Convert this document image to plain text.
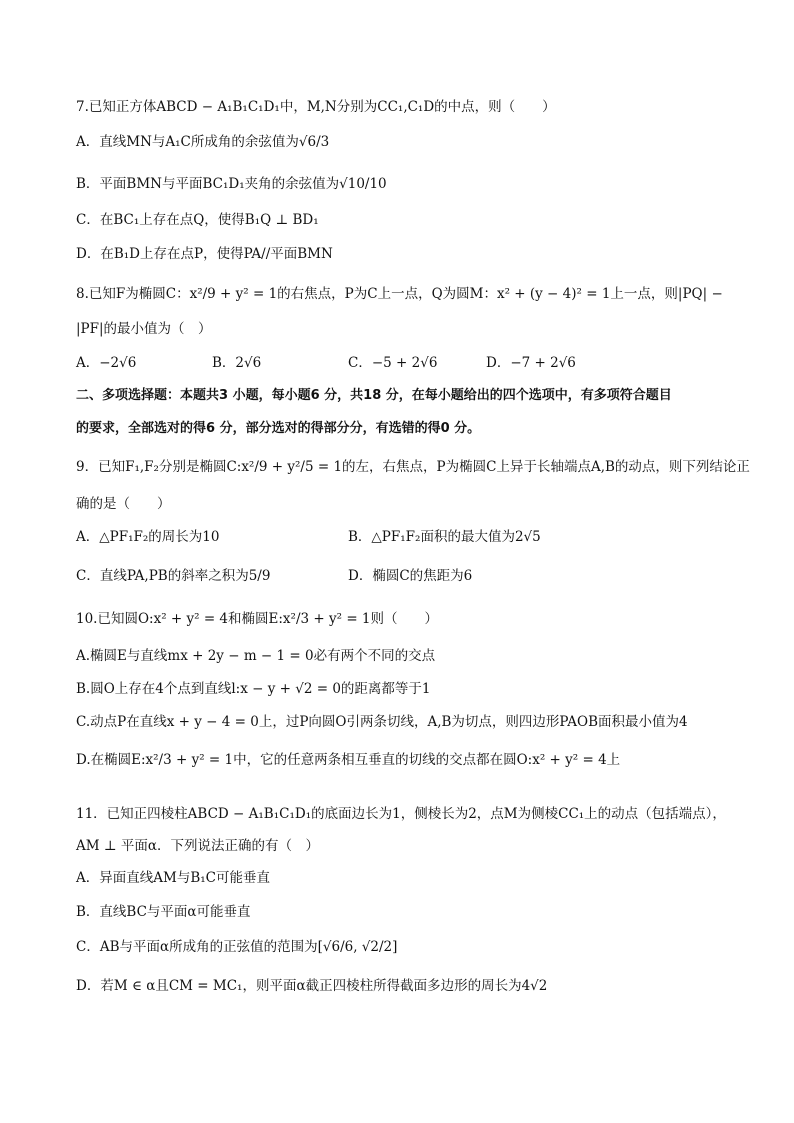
7.已知正方体ABCD − A₁B₁C₁D₁中，M,N分别为CC₁,C₁D的中点，则（　　）
A．直线MN与A₁C所成角的余弦值为√6/3
B．平面BMN与平面BC₁D₁夹角的余弦值为√10/10
C．在BC₁上存在点Q，使得B₁Q ⊥ BD₁
D．在B₁D上存在点P，使得PA//平面BMN
8.已知F为椭圆C：x²/9 + y² = 1的右焦点，P为C上一点，Q为圆M：x² + (y − 4)² = 1上一点，则|PQ| −
|PF|的最小值为（　）
A．−2√6	B．2√6	C．−5 + 2√6	D．−7 + 2√6
二、多项选择题：本题共3 小题，每小题6 分，共18 分，在每小题给出的四个选项中，有多项符合题目
的要求，全部选对的得6 分，部分选对的得部分分，有选错的得0 分。
9．已知F₁,F₂分别是椭圆C:x²/9 + y²/5 = 1的左，右焦点，P为椭圆C上异于长轴端点A,B的动点，则下列结论正
确的是（　　）
A．△PF₁F₂的周长为10	B．△PF₁F₂面积的最大值为2√5
C．直线PA,PB的斜率之积为5/9	D．椭圆C的焦距为6
10.已知圆O:x² + y² = 4和椭圆E:x²/3 + y² = 1则（　　）
A.椭圆E与直线mx + 2y − m − 1 = 0必有两个不同的交点
B.圆O上存在4个点到直线l:x − y + √2 = 0的距离都等于1
C.动点P在直线x + y − 4 = 0上，过P向圆O引两条切线，A,B为切点，则四边形PAOB面积最小值为4
D.在椭圆E:x²/3 + y² = 1中，它的任意两条相互垂直的切线的交点都在圆O:x² + y² = 4上
11．已知正四棱柱ABCD − A₁B₁C₁D₁的底面边长为1，侧棱长为2，点M为侧棱CC₁上的动点（包括端点），
AM ⊥ 平面α．下列说法正确的有（　）
A．异面直线AM与B₁C可能垂直
B．直线BC与平面α可能垂直
C．AB与平面α所成角的正弦值的范围为[√6/6, √2/2]
D．若M ∈ α且CM = MC₁，则平面α截正四棱柱所得截面多边形的周长为4√2
